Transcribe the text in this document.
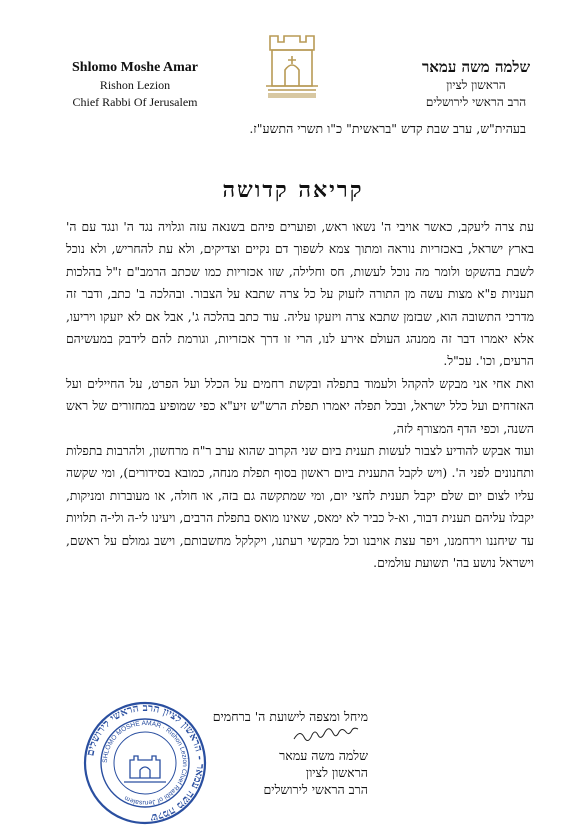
Shlomo Moshe Amar
Rishon Lezion
Chief Rabbi Of Jerusalem
שלמה משה עמאר
הראשון לציון
הרב הראשי לירושלים
בעהית"ש, ערב שבת קדש "בראשית" כ"ו תשרי התשע"ז.
קריאה קדושה

עת צרה ליעקב, כאשר אויבי ה' נשאו ראש, ופוערים פיהם בשנאה עזה וגלויה נגד ה' ונגד עם ה' בארץ ישראל, באכזריות נוראה ומתוך צמא לשפוך דם נקיים וצדיקים, ולא עת להחריש, ולא נוכל לשבת בהשקט ולומר מה נוכל לעשות, חס וחלילה, שזו אכזריות כמו שכתב הרמב"ם ז"ל בהלכות תעניות פ"א מצות עשה מן התורה לזעוק על כל צרה שתבא על הצבור. ובהלכה ב' כתב, ודבר זה מדרכי התשובה הוא, שבזמן שתבא צרה ויזעקו עליה. עוד כתב בהלכה ג', אבל אם לא יזעקו ויריעו, אלא יאמרו דבר זה ממנהג העולם אירע לנו, הרי זו דרך אכזריות, וגורמת להם לידבק במעשיהם הרעים, וכו'. עכ"ל.

ואת אחי אני מבקש להקהל ולעמוד בתפלה ובקשת רחמים על הכלל ועל הפרט, על החיילים ועל האזרחים ועל כלל ישראל, ובכל תפלה יאמרו תפלת הרש"ש זיע"א כפי שמופיע במחזורים של ראש השנה, וכפי הדף המצורף לזה,

ועוד אבקש להודיע לצבור לעשות תענית ביום שני הקרוב שהוא ערב ר"ח מרחשון, ולהרבות בתפלות ותחנונים לפני ה'. (ויש לקבל התענית ביום ראשון בסוף תפלת מנחה, כמובא בסידורים), ומי שקשה עליו לצום יום שלם יקבל תענית לחצי יום, ומי שמתקשה גם בזה, או חולה, או מעוברות ומניקות, יקבלו עליהם תענית דבור, וא-ל כביר לא ימאס, שאינו מואס בתפלת הרבים, ויעינו לי-ה ולי-ה תלויות עד שיחננו וירחמנו, ויפר עצת אויבנו וכל מבקשי רעתנו, ויקלקל מחשבותם, וישב גמולם על ראשם, וישראל נושע בה' תשועת עולמים.

שלמה משה עמאר - הראשון לציון הרב הראשי לירושלים
SHLOMO MOSHE AMAR · Rishon Lezion Chief Rabbi of Jerusalem
מיחל ומצפה לישועת ה' ברחמים
שלמה משה עמאר
הראשון לציון
הרב הראשי לירושלים
